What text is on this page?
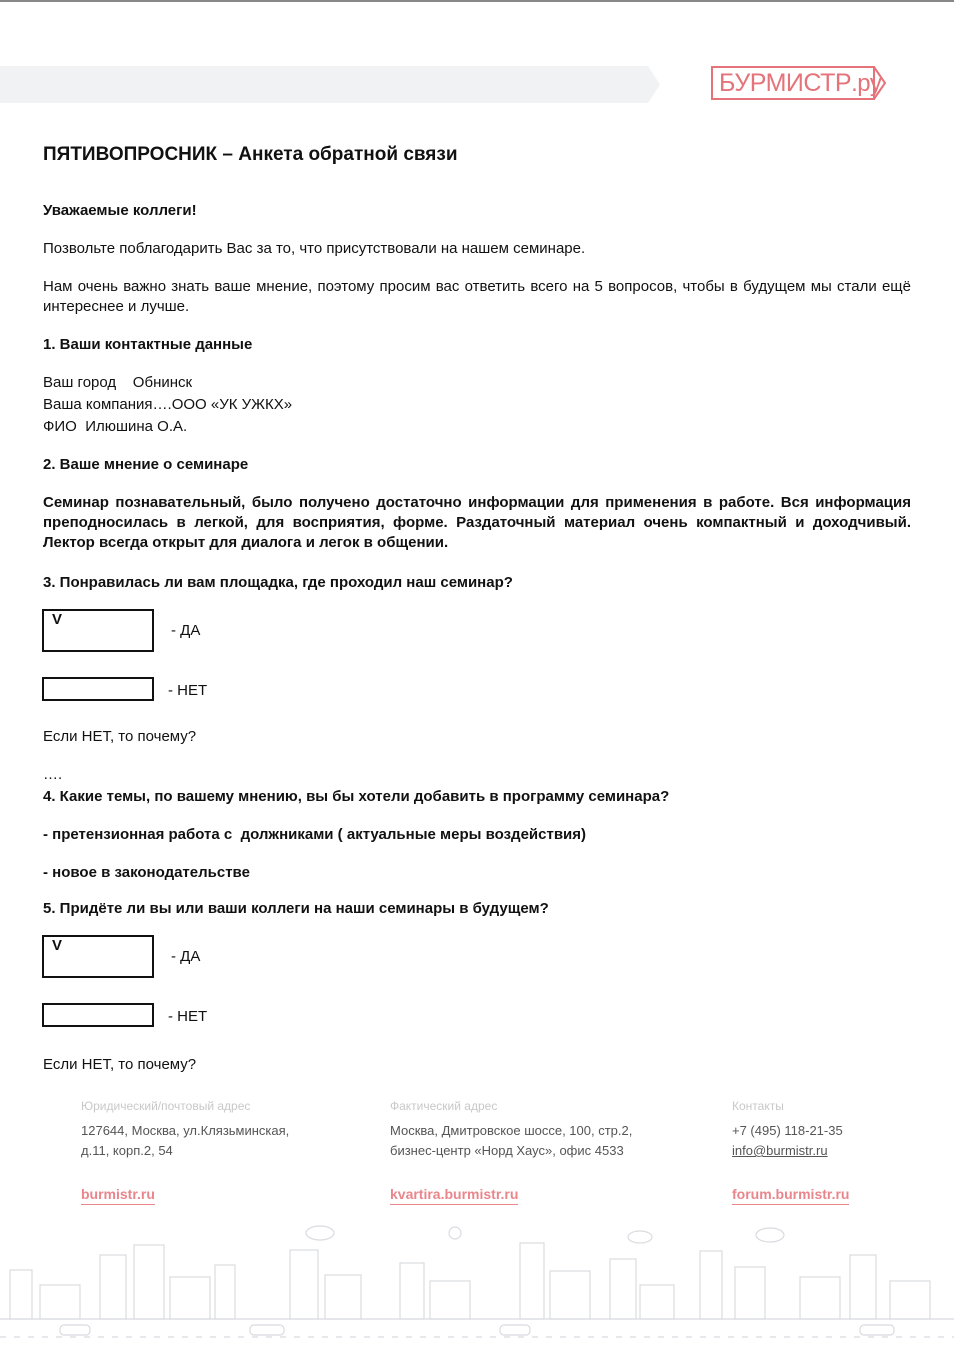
БУРМИСТР.ру
ПЯТИВОПРОСНИК – Анкета обратной связи
Уважаемые коллеги!
Позвольте поблагодарить Вас за то, что присутствовали на нашем семинаре.
Нам очень важно знать ваше мнение, поэтому просим вас ответить всего на 5 вопросов, чтобы в будущем мы стали ещё интереснее и лучше.
1. Ваши контактные данные
Ваш город    Обнинск
Ваша компания….ООО «УК УЖКХ»
ФИО  Илюшина О.А.
2. Ваше мнение о семинаре
Семинар познавательный, было получено достаточно информации для применения в работе. Вся информация преподносилась в легкой, для восприятия, форме. Раздаточный материал очень компактный и доходчивый. Лектор всегда открыт для диалога и легок в общении.
3. Понравилась ли вам площадка, где проходил наш семинар?
V
- ДА
- НЕТ
Если НЕТ, то почему?
….
4. Какие темы, по вашему мнению, вы бы хотели добавить в программу семинара?
- претензионная работа с  должниками ( актуальные меры воздействия)
- новое в законодательстве
5. Придёте ли вы или ваши коллеги на наши семинары в будущем?
V
- ДА
- НЕТ
Если НЕТ, то почему?
Юридический/почтовый адрес
127644, Москва, ул.Клязьминская,
д.11, корп.2, 54
Фактический адрес
Москва, Дмитровское шоссе, 100, стр.2,
бизнес-центр «Норд Хаус», офис 4533
Контакты
+7 (495) 118-21-35
info@burmistr.ru
burmistr.ru	kvartira.burmistr.ru	forum.burmistr.ru
